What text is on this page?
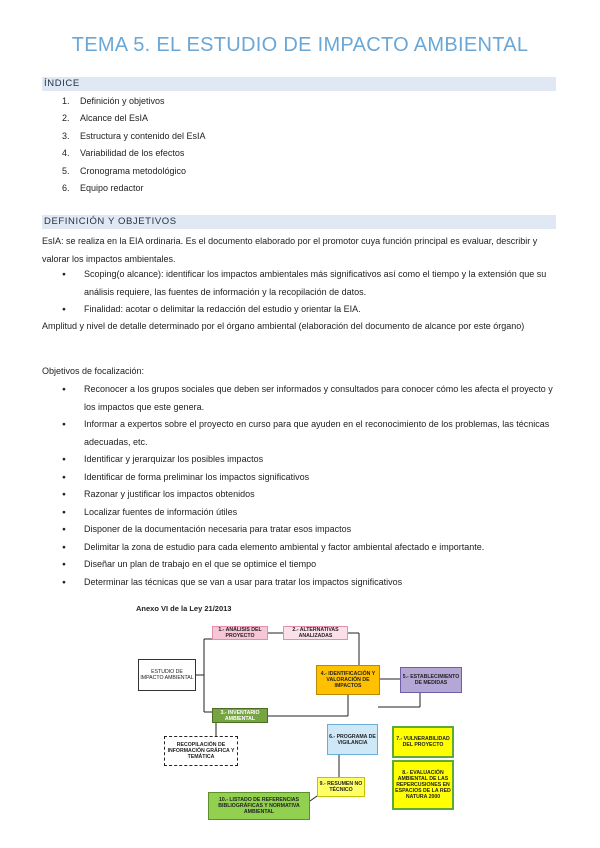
TEMA 5. EL ESTUDIO DE IMPACTO AMBIENTAL
ÍNDICE
1. Definición y objetivos
2. Alcance del EsIA
3. Estructura y contenido del EsIA
4. Variabilidad de los efectos
5. Cronograma metodológico
6. Equipo redactor
DEFINICIÓN Y OBJETIVOS

EsIA: se realiza en la EIA ordinaria. Es el documento elaborado por el promotor cuya función principal es evaluar, describir y valorar los impactos ambientales.

● Scoping(o alcance): identificar los impactos ambientales más significativos así como el tiempo y la extensión que su análisis requiere, las fuentes de información y la recopilación de datos.
● Finalidad: acotar o delimitar la redacción del estudio y orientar la EIA.

Amplitud y nivel de detalle determinado por el órgano ambiental (elaboración del documento de alcance por este órgano)

Objetivos de focalización:

● Reconocer a los grupos sociales que deben ser informados y consultados para conocer cómo les afecta el proyecto y los impactos que este genera.
● Informar a expertos sobre el proyecto en curso para que ayuden en el reconocimiento de los problemas, las técnicas adecuadas, etc.
● Identificar y jerarquizar los posibles impactos
● Identificar de forma preliminar los impactos significativos
● Razonar y justificar los impactos obtenidos
● Localizar fuentes de información útiles
● Disponer de la documentación necesaria para tratar esos impactos
● Delimitar la zona de estudio para cada elemento ambiental y factor ambiental afectado e importante.
● Diseñar un plan de trabajo en el que se optimice el tiempo
● Determinar las técnicas que se van a usar para tratar los impactos significativos
Anexo VI de la Ley 21/2013
ESTUDIO DE IMPACTO AMBIENTAL
1.- ANÁLISIS DEL PROYECTO
2.- ALTERNATIVAS ANALIZADAS
4.- IDENTIFICACIÓN Y VALORACIÓN DE IMPACTOS
5.- ESTABLECIMIENTO DE MEDIDAS
3.- INVENTARIO AMBIENTAL
6.- PROGRAMA DE VIGILANCIA
RECOPILACIÓN DE INFORMACIÓN GRÁFICA Y TEMÁTICA
7.- VULNERABILIDAD DEL PROYECTO
8.- EVALUACIÓN AMBIENTAL DE LAS REPERCUSIONES EN ESPACIOS DE LA RED NATURA 2000
9.- RESUMEN NO TÉCNICO
10.- LISTADO DE REFERENCIAS BIBLIOGRÁFICAS Y NORMATIVA AMBIENTAL
